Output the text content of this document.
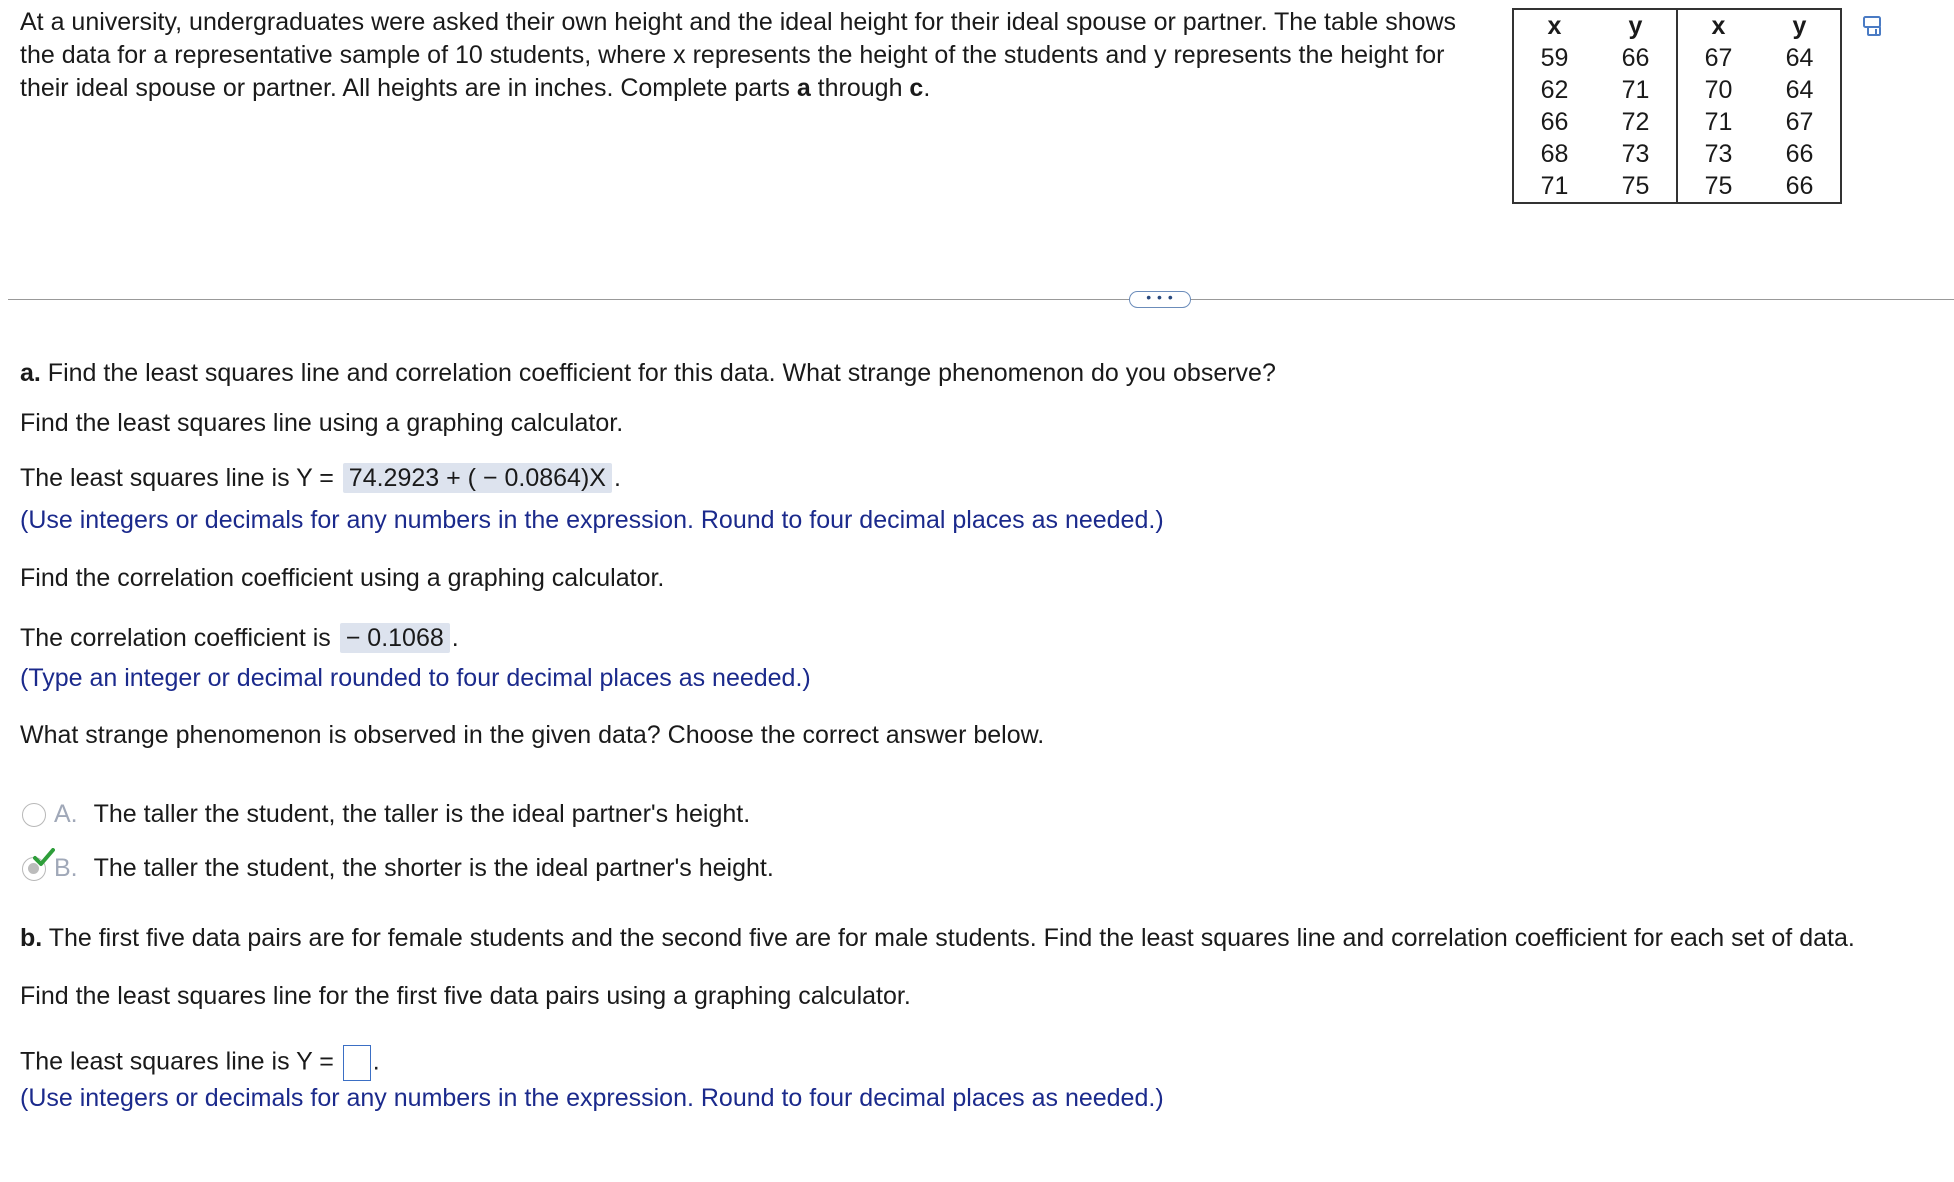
At a university, undergraduates were asked their own height and the ideal height for their ideal spouse or partner. The table shows the data for a representative sample of 10 students, where x represents the height of the students and y represents the height for their ideal spouse or partner. All heights are in inches. Complete parts a through c.
x	y	x	y
59	66	67	64
62	71	70	64
66	72	71	67
68	73	73	66
71	75	75	66
• • •
a. Find the least squares line and correlation coefficient for this data. What strange phenomenon do you observe?
Find the least squares line using a graphing calculator.
The least squares line is Y = 74.2923 + ( − 0.0864)X .
(Use integers or decimals for any numbers in the expression. Round to four decimal places as needed.)
Find the correlation coefficient using a graphing calculator.
The correlation coefficient is − 0.1068 .
(Type an integer or decimal rounded to four decimal places as needed.)
What strange phenomenon is observed in the given data? Choose the correct answer below.
A. The taller the student, the taller is the ideal partner's height.
B. The taller the student, the shorter is the ideal partner's height.
b. The first five data pairs are for female students and the second five are for male students. Find the least squares line and correlation coefficient for each set of data.
Find the least squares line for the first five data pairs using a graphing calculator.
The least squares line is Y = .
(Use integers or decimals for any numbers in the expression. Round to four decimal places as needed.)
